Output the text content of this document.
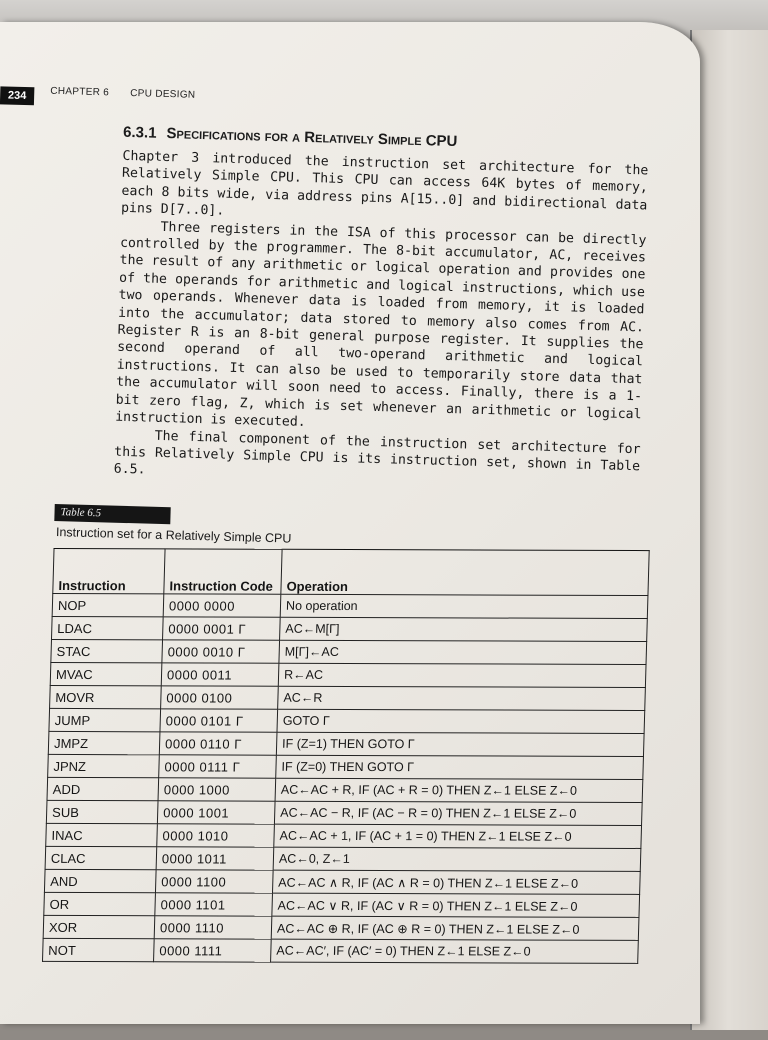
234	CHAPTER 6 CPU DESIGN
6.3.1 Specifications for a Relatively Simple CPU

Chapter 3 introduced the instruction set architecture for the Relatively Simple CPU. This CPU can access 64K bytes of memory, each 8 bits wide, via address pins A[15..0] and bidirectional data pins D[7..0].

Three registers in the ISA of this processor can be directly controlled by the programmer. The 8-bit accumulator, AC, receives the result of any arithmetic or logical operation and provides one of the operands for arithmetic and logical instructions, which use two operands. Whenever data is loaded from memory, it is loaded into the accumulator; data stored to memory also comes from AC. Register R is an 8-bit general purpose register. It supplies the second operand of all two-operand arithmetic and logical instructions. It can also be used to temporarily store data that the accumulator will soon need to access. Finally, there is a 1-bit zero flag, Z, which is set whenever an arithmetic or logical instruction is executed.

The final component of the instruction set architecture for this Relatively Simple CPU is its instruction set, shown in Table 6.5.

Table 6.5
Instruction set for a Relatively Simple CPU
Instruction	Instruction Code	Operation
NOP	0000 0000	No operation
LDAC	0000 0001 Γ	AC←M[Γ]
STAC	0000 0010 Γ	M[Γ]←AC
MVAC	0000 0011	R←AC
MOVR	0000 0100	AC←R
JUMP	0000 0101 Γ	GOTO Γ
JMPZ	0000 0110 Γ	IF (Z=1) THEN GOTO Γ
JPNZ	0000 0111 Γ	IF (Z=0) THEN GOTO Γ
ADD	0000 1000	AC←AC + R, IF (AC + R = 0) THEN Z←1 ELSE Z←0
SUB	0000 1001	AC←AC − R, IF (AC − R = 0) THEN Z←1 ELSE Z←0
INAC	0000 1010	AC←AC + 1, IF (AC + 1 = 0) THEN Z←1 ELSE Z←0
CLAC	0000 1011	AC←0, Z←1
AND	0000 1100	AC←AC ∧ R, IF (AC ∧ R = 0) THEN Z←1 ELSE Z←0
OR	0000 1101	AC←AC ∨ R, IF (AC ∨ R = 0) THEN Z←1 ELSE Z←0
XOR	0000 1110	AC←AC ⊕ R, IF (AC ⊕ R = 0) THEN Z←1 ELSE Z←0
NOT	0000 1111	AC←AC′, IF (AC′ = 0) THEN Z←1 ELSE Z←0
